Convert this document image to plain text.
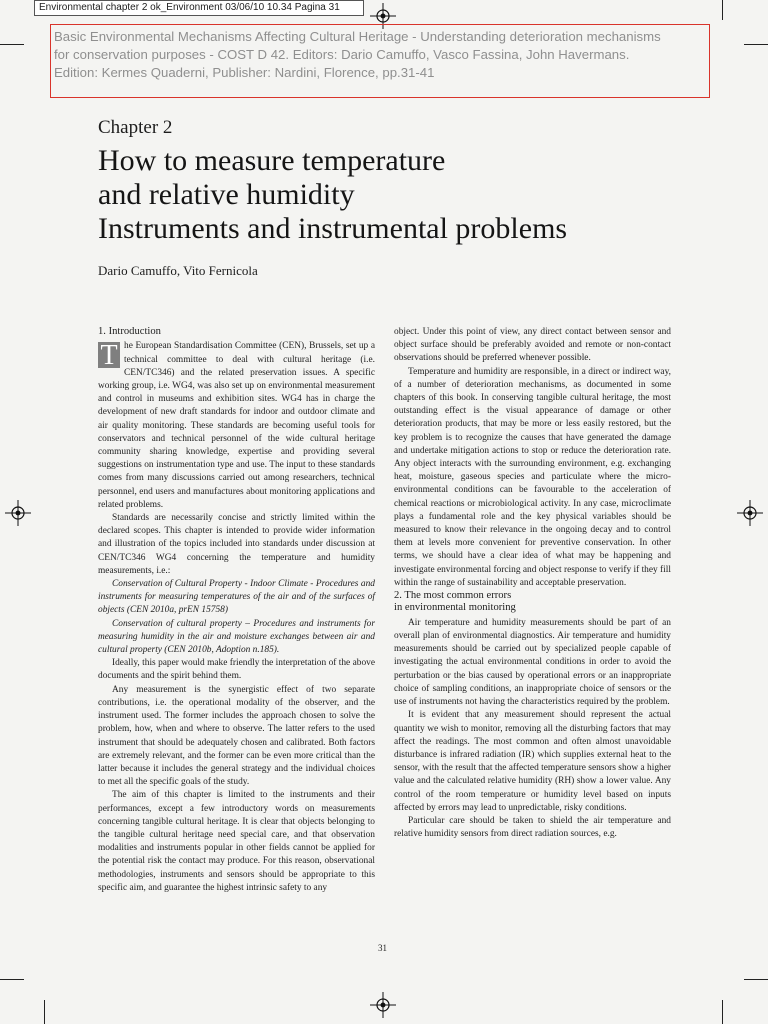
Environmental chapter 2 ok_Environment 03/06/10 10.34 Pagina 31
Basic Environmental Mechanisms Affecting Cultural Heritage - Understanding deterioration mechanisms
for conservation purposes - COST D 42. Editors: Dario Camuffo, Vasco Fassina, John Havermans.
Edition: Kermes Quaderni, Publisher: Nardini, Florence, pp.31-41
Chapter 2
How to measure temperature
and relative humidity
Instruments and instrumental problems
Dario Camuffo, Vito Fernicola
1. Introduction

T he European Standardisation Committee (CEN), Brussels, set up a technical committee to deal with cultural heritage (i.e. CEN/TC346) and the related preservation issues. A specific working group, i.e. WG4, was also set up on environmental measurement and control in museums and exhibition sites. WG4 has in charge the development of new draft standards for indoor and outdoor climate and air quality monitoring. These standards are becoming useful tools for conservators and technical personnel of the wide cultural heritage community sharing knowledge, expertise and providing several suggestions on instrumentation type and use. The input to these standards comes from many discussions carried out among researchers, technical personnel, end users and manufactures about monitoring applications and related problems.

Standards are necessarily concise and strictly limited within the declared scopes. This chapter is intended to provide wider information and illustration of the topics included into standards under discussion at CEN/TC346 WG4 concerning the temperature and humidity measurements, i.e.:

Conservation of Cultural Property - Indoor Climate - Procedures and instruments for measuring temperatures of the air and of the surfaces of objects (CEN 2010a, prEN 15758)

Conservation of cultural property – Procedures and instruments for measuring humidity in the air and moisture exchanges between air and cultural property (CEN 2010b, Adoption n.185).

Ideally, this paper would make friendly the interpretation of the above documents and the spirit behind them.

Any measurement is the synergistic effect of two separate contributions, i.e. the operational modality of the observer, and the instrument used. The former includes the approach chosen to solve the problem, how, when and where to observe. The latter refers to the used instrument that should be adequately chosen and calibrated. Both factors are extremely relevant, and the former can be even more critical than the latter because it includes the general strategy and the individual choices to met all the specific goals of the study.

The aim of this chapter is limited to the instruments and their performances, except a few introductory words on measurements concerning tangible cultural heritage. It is clear that objects belonging to the tangible cultural heritage need special care, and that observation modalities and instruments popular in other fields cannot be applied for the potential risk the contact may produce. For this reason, observational methodologies, instruments and sensors should be appropriate to this specific aim, and guarantee the highest intrinsic safety to any

object. Under this point of view, any direct contact between sensor and object surface should be preferably avoided and remote or non-contact observations should be preferred whenever possible.

Temperature and humidity are responsible, in a direct or indirect way, of a number of deterioration mechanisms, as documented in some chapters of this book. In conserving tangible cultural heritage, the most outstanding effect is the visual appearance of damage or other deterioration products, that may be more or less easily restored, but the key problem is to recognize the causes that have generated the damage and undertake mitigation actions to stop or reduce the deterioration rate. Any object interacts with the surrounding environment, e.g. exchanging heat, moisture, gaseous species and particulate where the micro-environmental conditions can be favourable to the acceleration of chemical reactions or microbiological activity. In any case, microclimate plays a fundamental role and the key physical variables should be measured to know their relevance in the ongoing decay and to control them at levels more convenient for preventive conservation. In other terms, we should have a clear idea of what may be happening and investigate environmental forcing and object response to verify if they fill within the range of sustainability and acceptable preservation.

2. The most common errors
in environmental monitoring

Air temperature and humidity measurements should be part of an overall plan of environmental diagnostics. Air temperature and humidity measurements should be carried out by specialized people capable of investigating the actual environmental conditions in order to avoid the perturbation or the bias caused by operational errors or an inappropriate choice of sampling conditions, an inappropriate choice of sensors or the use of instruments not having the characteristics required by the problem.

It is evident that any measurement should represent the actual quantity we wish to monitor, removing all the disturbing factors that may affect the readings. The most common and often almost unavoidable disturbance is infrared radiation (IR) which supplies external heat to the sensor, with the result that the affected temperature sensors show a higher value and the calculated relative humidity (RH) show a lower value. Any control of the room temperature or humidity level based on inputs affected by errors may lead to unpredictable, risky conditions.

Particular care should be taken to shield the air temperature and relative humidity sensors from direct radiation sources, e.g.

31
